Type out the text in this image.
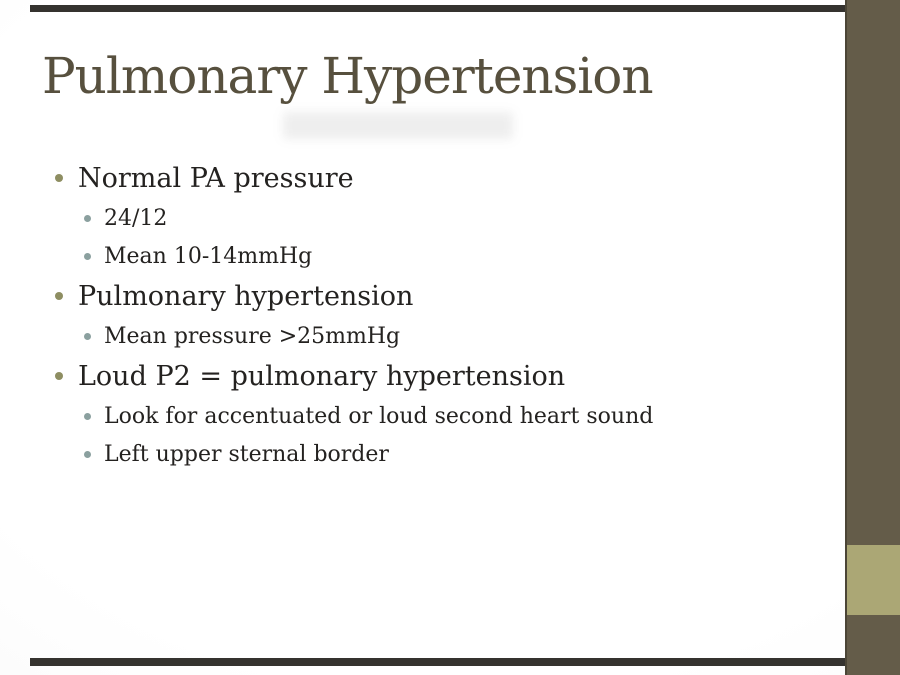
Pulmonary Hypertension
Normal PA pressure
24/12
Mean 10-14mmHg
Pulmonary hypertension
Mean pressure >25mmHg
Loud P2 = pulmonary hypertension
Look for accentuated or loud second heart sound
Left upper sternal border
